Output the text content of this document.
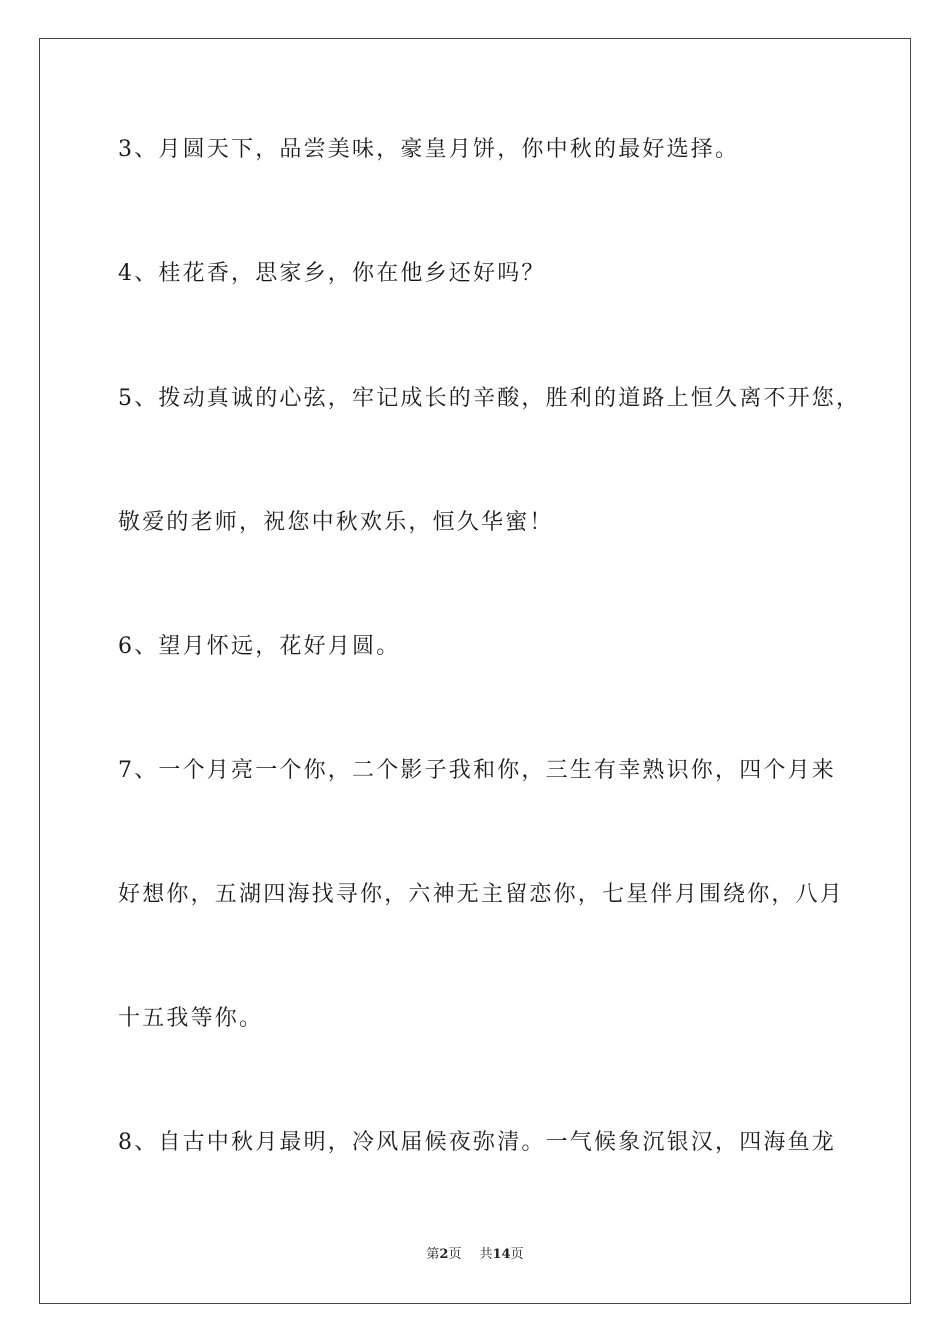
3、月圆天下，品尝美味，豪皇月饼，你中秋的最好选择。
4、桂花香，思家乡，你在他乡还好吗？
5、拨动真诚的心弦，牢记成长的辛酸，胜利的道路上恒久离不开您，
敬爱的老师，祝您中秋欢乐，恒久华蜜！
6、望月怀远，花好月圆。
7、一个月亮一个你，二个影子我和你，三生有幸熟识你，四个月来
好想你，五湖四海找寻你，六神无主留恋你，七星伴月围绕你，八月
十五我等你。
8、自古中秋月最明，冷风届候夜弥清。一气候象沉银汉，四海鱼龙
第2页 共14页
